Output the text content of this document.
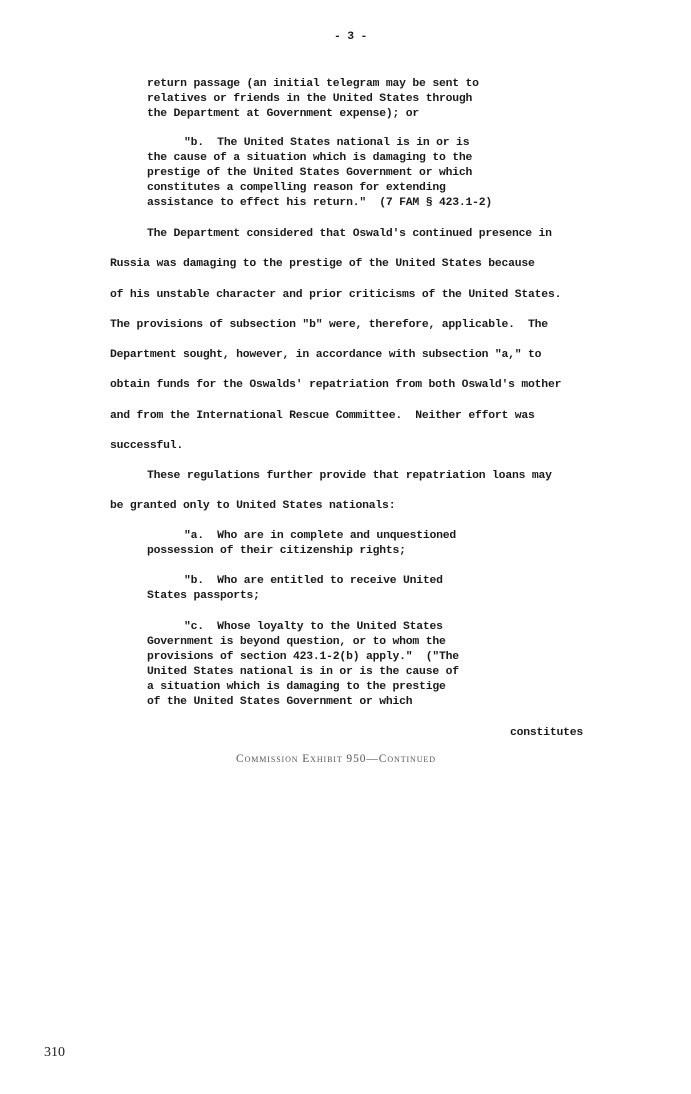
- 3 -
return passage (an initial telegram may be sent to
relatives or friends in the United States through
the Department at Government expense); or
"b.  The United States national is in or is
the cause of a situation which is damaging to the
prestige of the United States Government or which
constitutes a compelling reason for extending
assistance to effect his return."  (7 FAM § 423.1-2)
The Department considered that Oswald's continued presence in
Russia was damaging to the prestige of the United States because
of his unstable character and prior criticisms of the United States.
The provisions of subsection "b" were, therefore, applicable.  The
Department sought, however, in accordance with subsection "a," to
obtain funds for the Oswalds' repatriation from both Oswald's mother
and from the International Rescue Committee.  Neither effort was
successful.
These regulations further provide that repatriation loans may
be granted only to United States nationals:
"a.  Who are in complete and unquestioned
possession of their citizenship rights;
"b.  Who are entitled to receive United
States passports;
"c.  Whose loyalty to the United States
Government is beyond question, or to whom the
provisions of section 423.1-2(b) apply."  ("The
United States national is in or is the cause of
a situation which is damaging to the prestige
of the United States Government or which
constitutes
Commission Exhibit 950—Continued
310
